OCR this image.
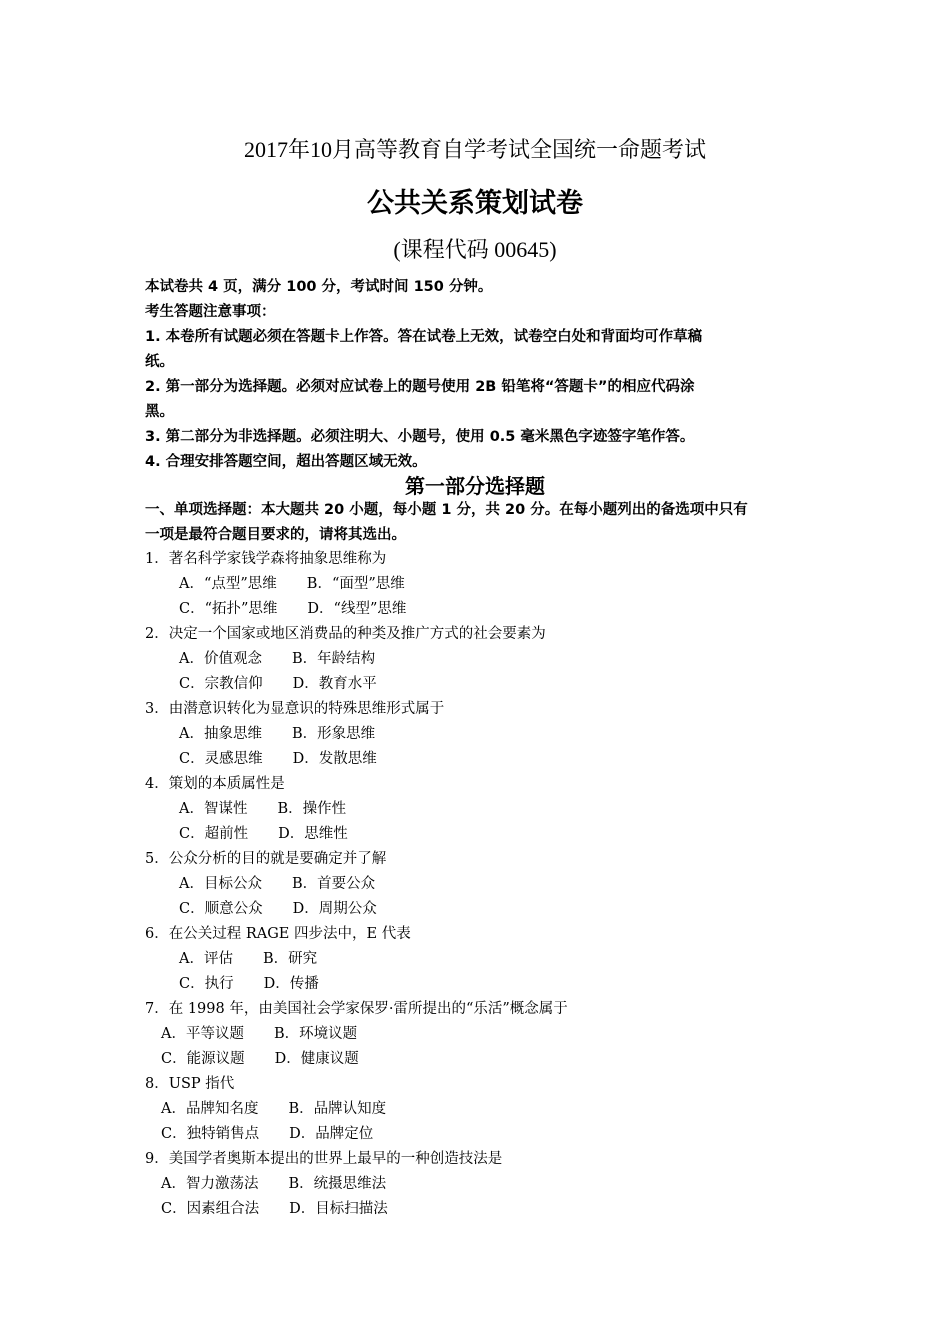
2017年10月高等教育自学考试全国统一命题考试
公共关系策划试卷
(课程代码 00645)
本试卷共 4 页，满分 100 分，考试时间 150 分钟。
考生答题注意事项：
1. 本卷所有试题必须在答题卡上作答。答在试卷上无效，试卷空白处和背面均可作草稿
纸。
2. 第一部分为选择题。必须对应试卷上的题号使用 2B 铅笔将“答题卡”的相应代码涂
黑。
3. 第二部分为非选择题。必须注明大、小题号，使用 0.5 毫米黑色字迹签字笔作答。
4. 合理安排答题空间，超出答题区域无效。
第一部分选择题
一、单项选择题：本大题共 20 小题，每小题 1 分，共 20 分。在每小题列出的备选项中只有
一项是最符合题目要求的，请将其选出。
1．著名科学家钱学森将抽象思维称为
A．“点型”思维 B．“面型”思维
C．“拓扑”思维 D．“线型”思维
2．决定一个国家或地区消费品的种类及推广方式的社会要素为
A．价值观念 B．年龄结构
C．宗教信仰 D．教育水平
3．由潜意识转化为显意识的特殊思维形式属于
A．抽象思维 B．形象思维
C．灵感思维 D．发散思维
4．策划的本质属性是
A．智谋性 B．操作性
C．超前性 D．思维性
5．公众分析的目的就是要确定并了解
A．目标公众 B．首要公众
C．顺意公众 D．周期公众
6．在公关过程 RAGE 四步法中，E 代表
A．评估 B．研究
C．执行 D．传播
7．在 1998 年，由美国社会学家保罗·雷所提出的“乐活”概念属于
A．平等议题 B．环境议题
C．能源议题 D．健康议题
8．USP 指代
A．品牌知名度 B．品牌认知度
C．独特销售点 D．品牌定位
9．美国学者奥斯本提出的世界上最早的一种创造技法是
A．智力激荡法 B．统摄思维法
C．因素组合法 D．目标扫描法
